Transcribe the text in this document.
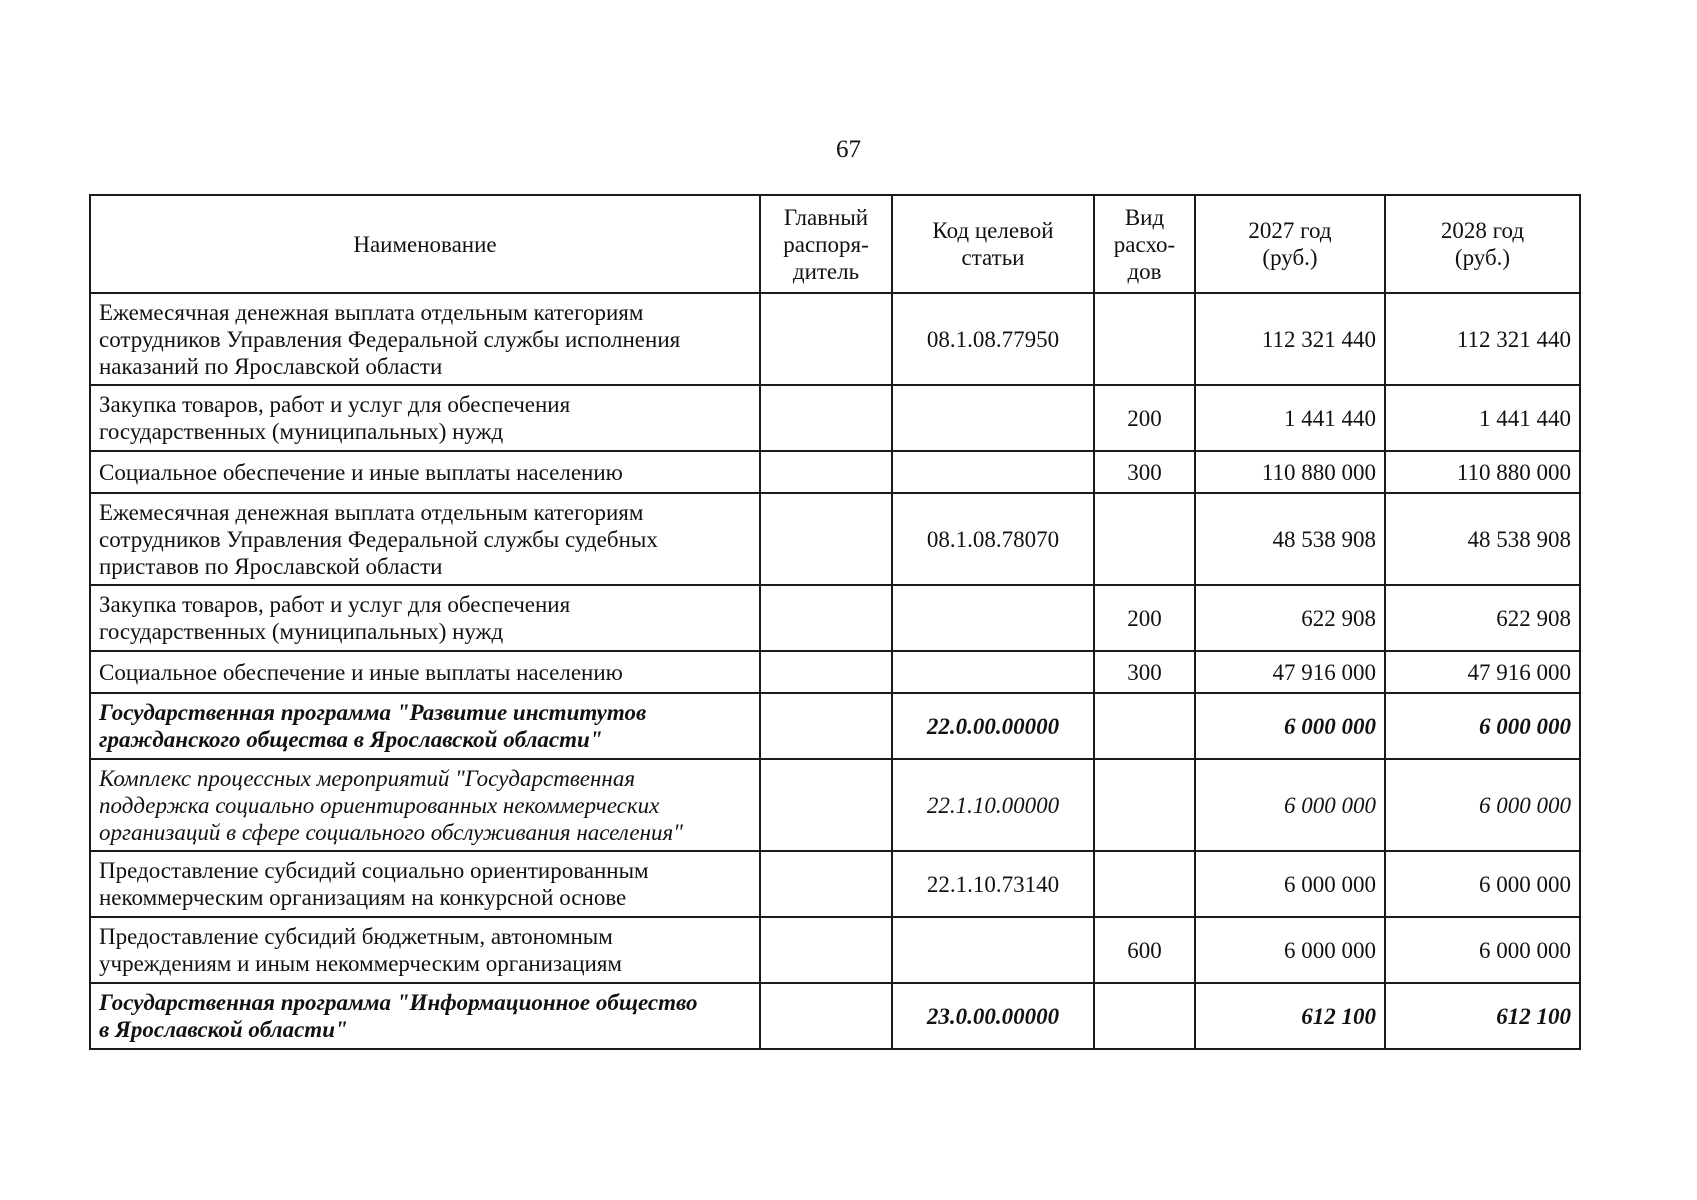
67
Наименование	Главный
распоря-
дитель	Код целевой
статьи	Вид
расхо-
дов	2027 год
(руб.)	2028 год
(руб.)
Ежемесячная денежная выплата отдельным категориям
сотрудников Управления Федеральной службы исполнения
наказаний по Ярославской области		08.1.08.77950		112 321 440	112 321 440
Закупка товаров, работ и услуг для обеспечения
государственных (муниципальных) нужд			200	1 441 440	1 441 440
Социальное обеспечение и иные выплаты населению			300	110 880 000	110 880 000
Ежемесячная денежная выплата отдельным категориям
сотрудников Управления Федеральной службы судебных
приставов по Ярославской области		08.1.08.78070		48 538 908	48 538 908
Закупка товаров, работ и услуг для обеспечения
государственных (муниципальных) нужд			200	622 908	622 908
Социальное обеспечение и иные выплаты населению			300	47 916 000	47 916 000
Государственная программа "Развитие институтов
гражданского общества в Ярославской области"		22.0.00.00000		6 000 000	6 000 000
Комплекс процессных мероприятий "Государственная
поддержка социально ориентированных некоммерческих
организаций в сфере социального обслуживания населения"		22.1.10.00000		6 000 000	6 000 000
Предоставление субсидий социально ориентированным
некоммерческим организациям на конкурсной основе		22.1.10.73140		6 000 000	6 000 000
Предоставление субсидий бюджетным, автономным
учреждениям и иным некоммерческим организациям			600	6 000 000	6 000 000
Государственная программа "Информационное общество
в Ярославской области"		23.0.00.00000		612 100	612 100
